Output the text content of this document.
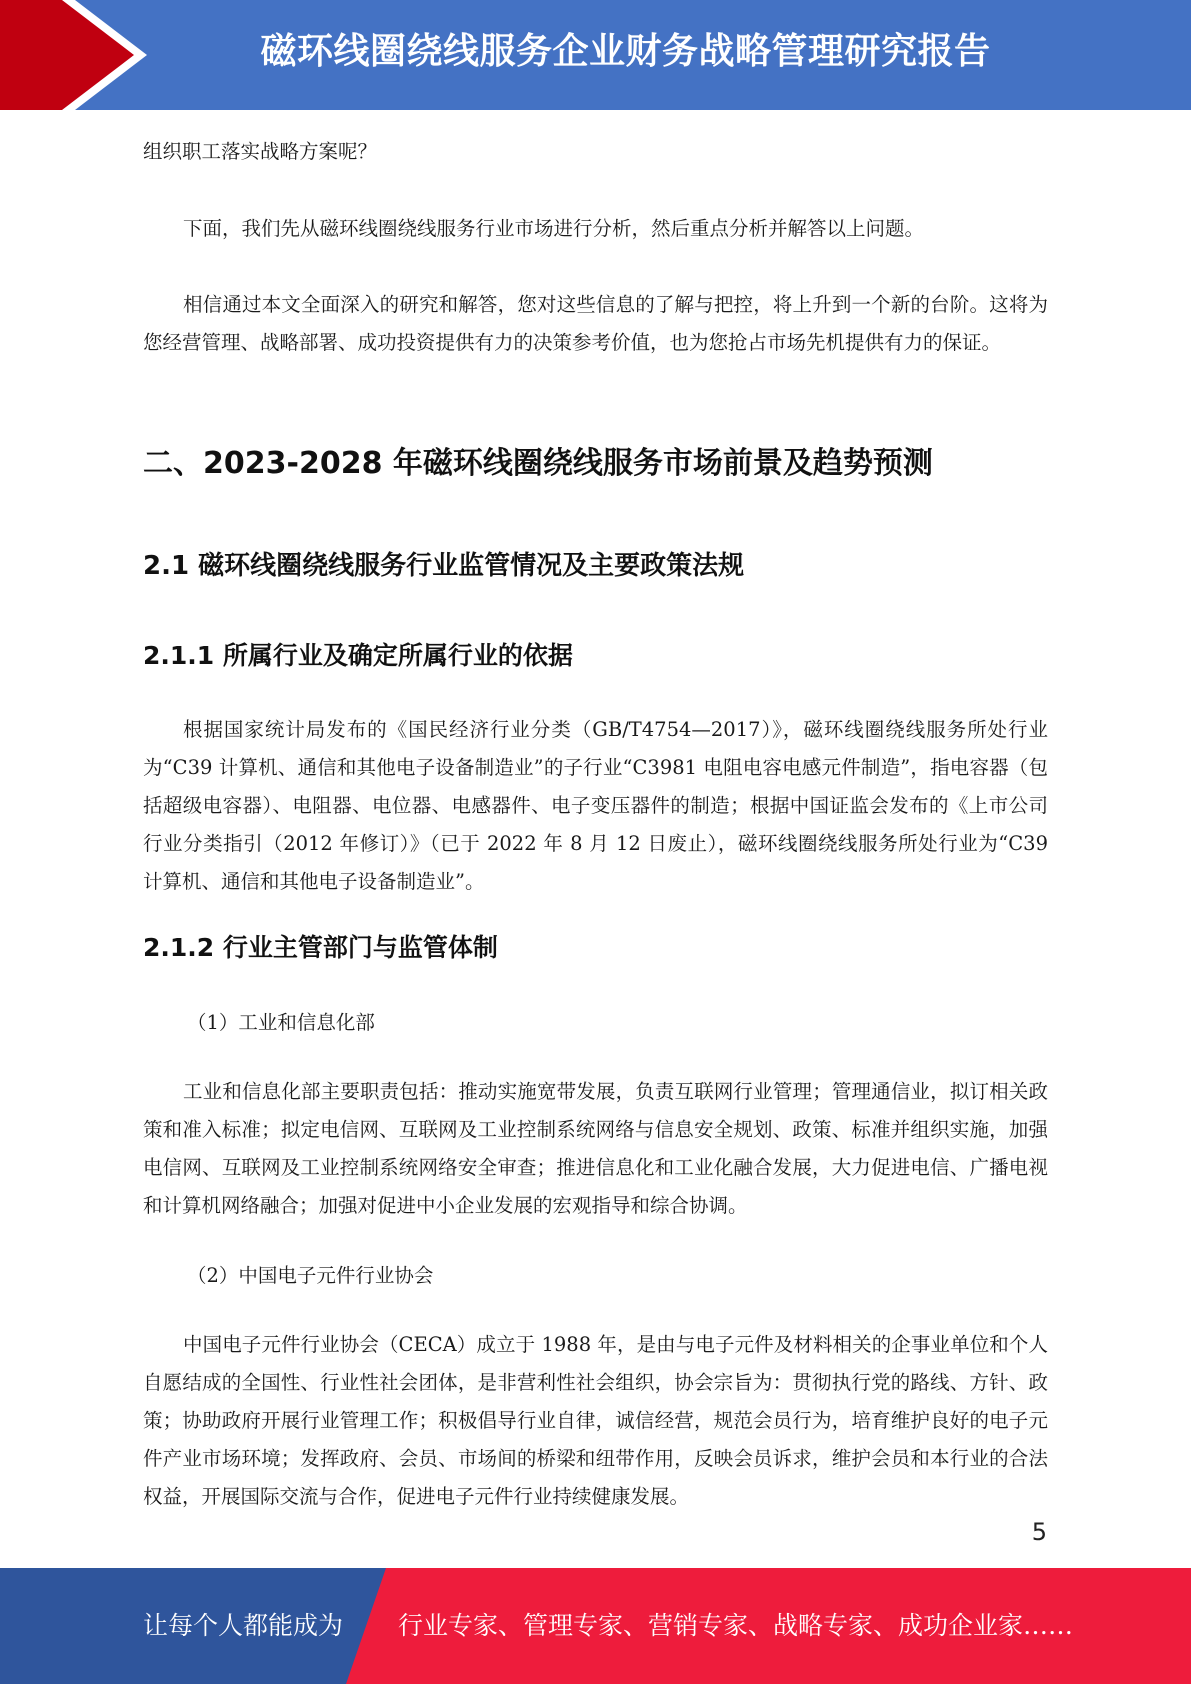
磁环线圈绕线服务企业财务战略管理研究报告

组织职工落实战略方案呢？

下面，我们先从磁环线圈绕线服务行业市场进行分析，然后重点分析并解答以上问题。

相信通过本文全面深入的研究和解答，您对这些信息的了解与把控，将上升到一个新的台阶。这将为您经营管理、战略部署、成功投资提供有力的决策参考价值，也为您抢占市场先机提供有力的保证。

二、2023-2028 年磁环线圈绕线服务市场前景及趋势预测
2.1 磁环线圈绕线服务行业监管情况及主要政策法规
2.1.1 所属行业及确定所属行业的依据

根据国家统计局发布的《国民经济行业分类（GB/T4754—2017）》，磁环线圈绕线服务所处行业为“C39 计算机、通信和其他电子设备制造业”的子行业“C3981 电阻电容电感元件制造”，指电容器（包括超级电容器）、电阻器、电位器、电感器件、电子变压器件的制造；根据中国证监会发布的《上市公司行业分类指引（2012 年修订）》（已于 2022 年 8 月 12 日废止），磁环线圈绕线服务所处行业为“C39 计算机、通信和其他电子设备制造业”。

2.1.2 行业主管部门与监管体制
（1）工业和信息化部

工业和信息化部主要职责包括：推动实施宽带发展，负责互联网行业管理；管理通信业，拟订相关政策和准入标准；拟定电信网、互联网及工业控制系统网络与信息安全规划、政策、标准并组织实施，加强电信网、互联网及工业控制系统网络安全审查；推进信息化和工业化融合发展，大力促进电信、广播电视和计算机网络融合；加强对促进中小企业发展的宏观指导和综合协调。

（2）中国电子元件行业协会

中国电子元件行业协会（CECA）成立于 1988 年，是由与电子元件及材料相关的企事业单位和个人自愿结成的全国性、行业性社会团体，是非营利性社会组织，协会宗旨为：贯彻执行党的路线、方针、政策；协助政府开展行业管理工作；积极倡导行业自律，诚信经营，规范会员行为，培育维护良好的电子元件产业市场环境；发挥政府、会员、市场间的桥梁和纽带作用，反映会员诉求，维护会员和本行业的合法权益，开展国际交流与合作，促进电子元件行业持续健康发展。

5
让每个人都能成为 行业专家、管理专家、营销专家、战略专家、成功企业家……
